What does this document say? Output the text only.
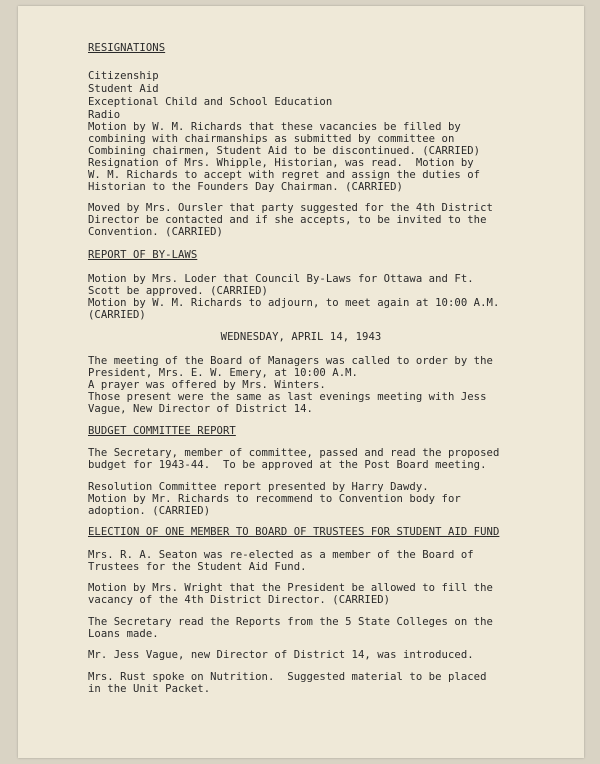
RESIGNATIONS
Citizenship
Student Aid
Exceptional Child and School Education
Radio
Motion by W. M. Richards that these vacancies be filled by
combining with chairmanships as submitted by committee on
Combining chairmen, Student Aid to be discontinued. (CARRIED)
Resignation of Mrs. Whipple, Historian, was read.  Motion by
W. M. Richards to accept with regret and assign the duties of
Historian to the Founders Day Chairman. (CARRIED)
Moved by Mrs. Oursler that party suggested for the 4th District
Director be contacted and if she accepts, to be invited to the
Convention. (CARRIED)
REPORT OF BY-LAWS
Motion by Mrs. Loder that Council By-Laws for Ottawa and Ft.
Scott be approved. (CARRIED)
Motion by W. M. Richards to adjourn, to meet again at 10:00 A.M.
(CARRIED)
WEDNESDAY, APRIL 14, 1943
The meeting of the Board of Managers was called to order by the
President, Mrs. E. W. Emery, at 10:00 A.M.
A prayer was offered by Mrs. Winters.
Those present were the same as last evenings meeting with Jess
Vague, New Director of District 14.
BUDGET COMMITTEE REPORT
The Secretary, member of committee, passed and read the proposed
budget for 1943-44.  To be approved at the Post Board meeting.
Resolution Committee report presented by Harry Dawdy.
Motion by Mr. Richards to recommend to Convention body for
adoption. (CARRIED)
ELECTION OF ONE MEMBER TO BOARD OF TRUSTEES FOR STUDENT AID FUND
Mrs. R. A. Seaton was re-elected as a member of the Board of
Trustees for the Student Aid Fund.
Motion by Mrs. Wright that the President be allowed to fill the
vacancy of the 4th District Director. (CARRIED)
The Secretary read the Reports from the 5 State Colleges on the
Loans made.
Mr. Jess Vague, new Director of District 14, was introduced.
Mrs. Rust spoke on Nutrition.  Suggested material to be placed
in the Unit Packet.
